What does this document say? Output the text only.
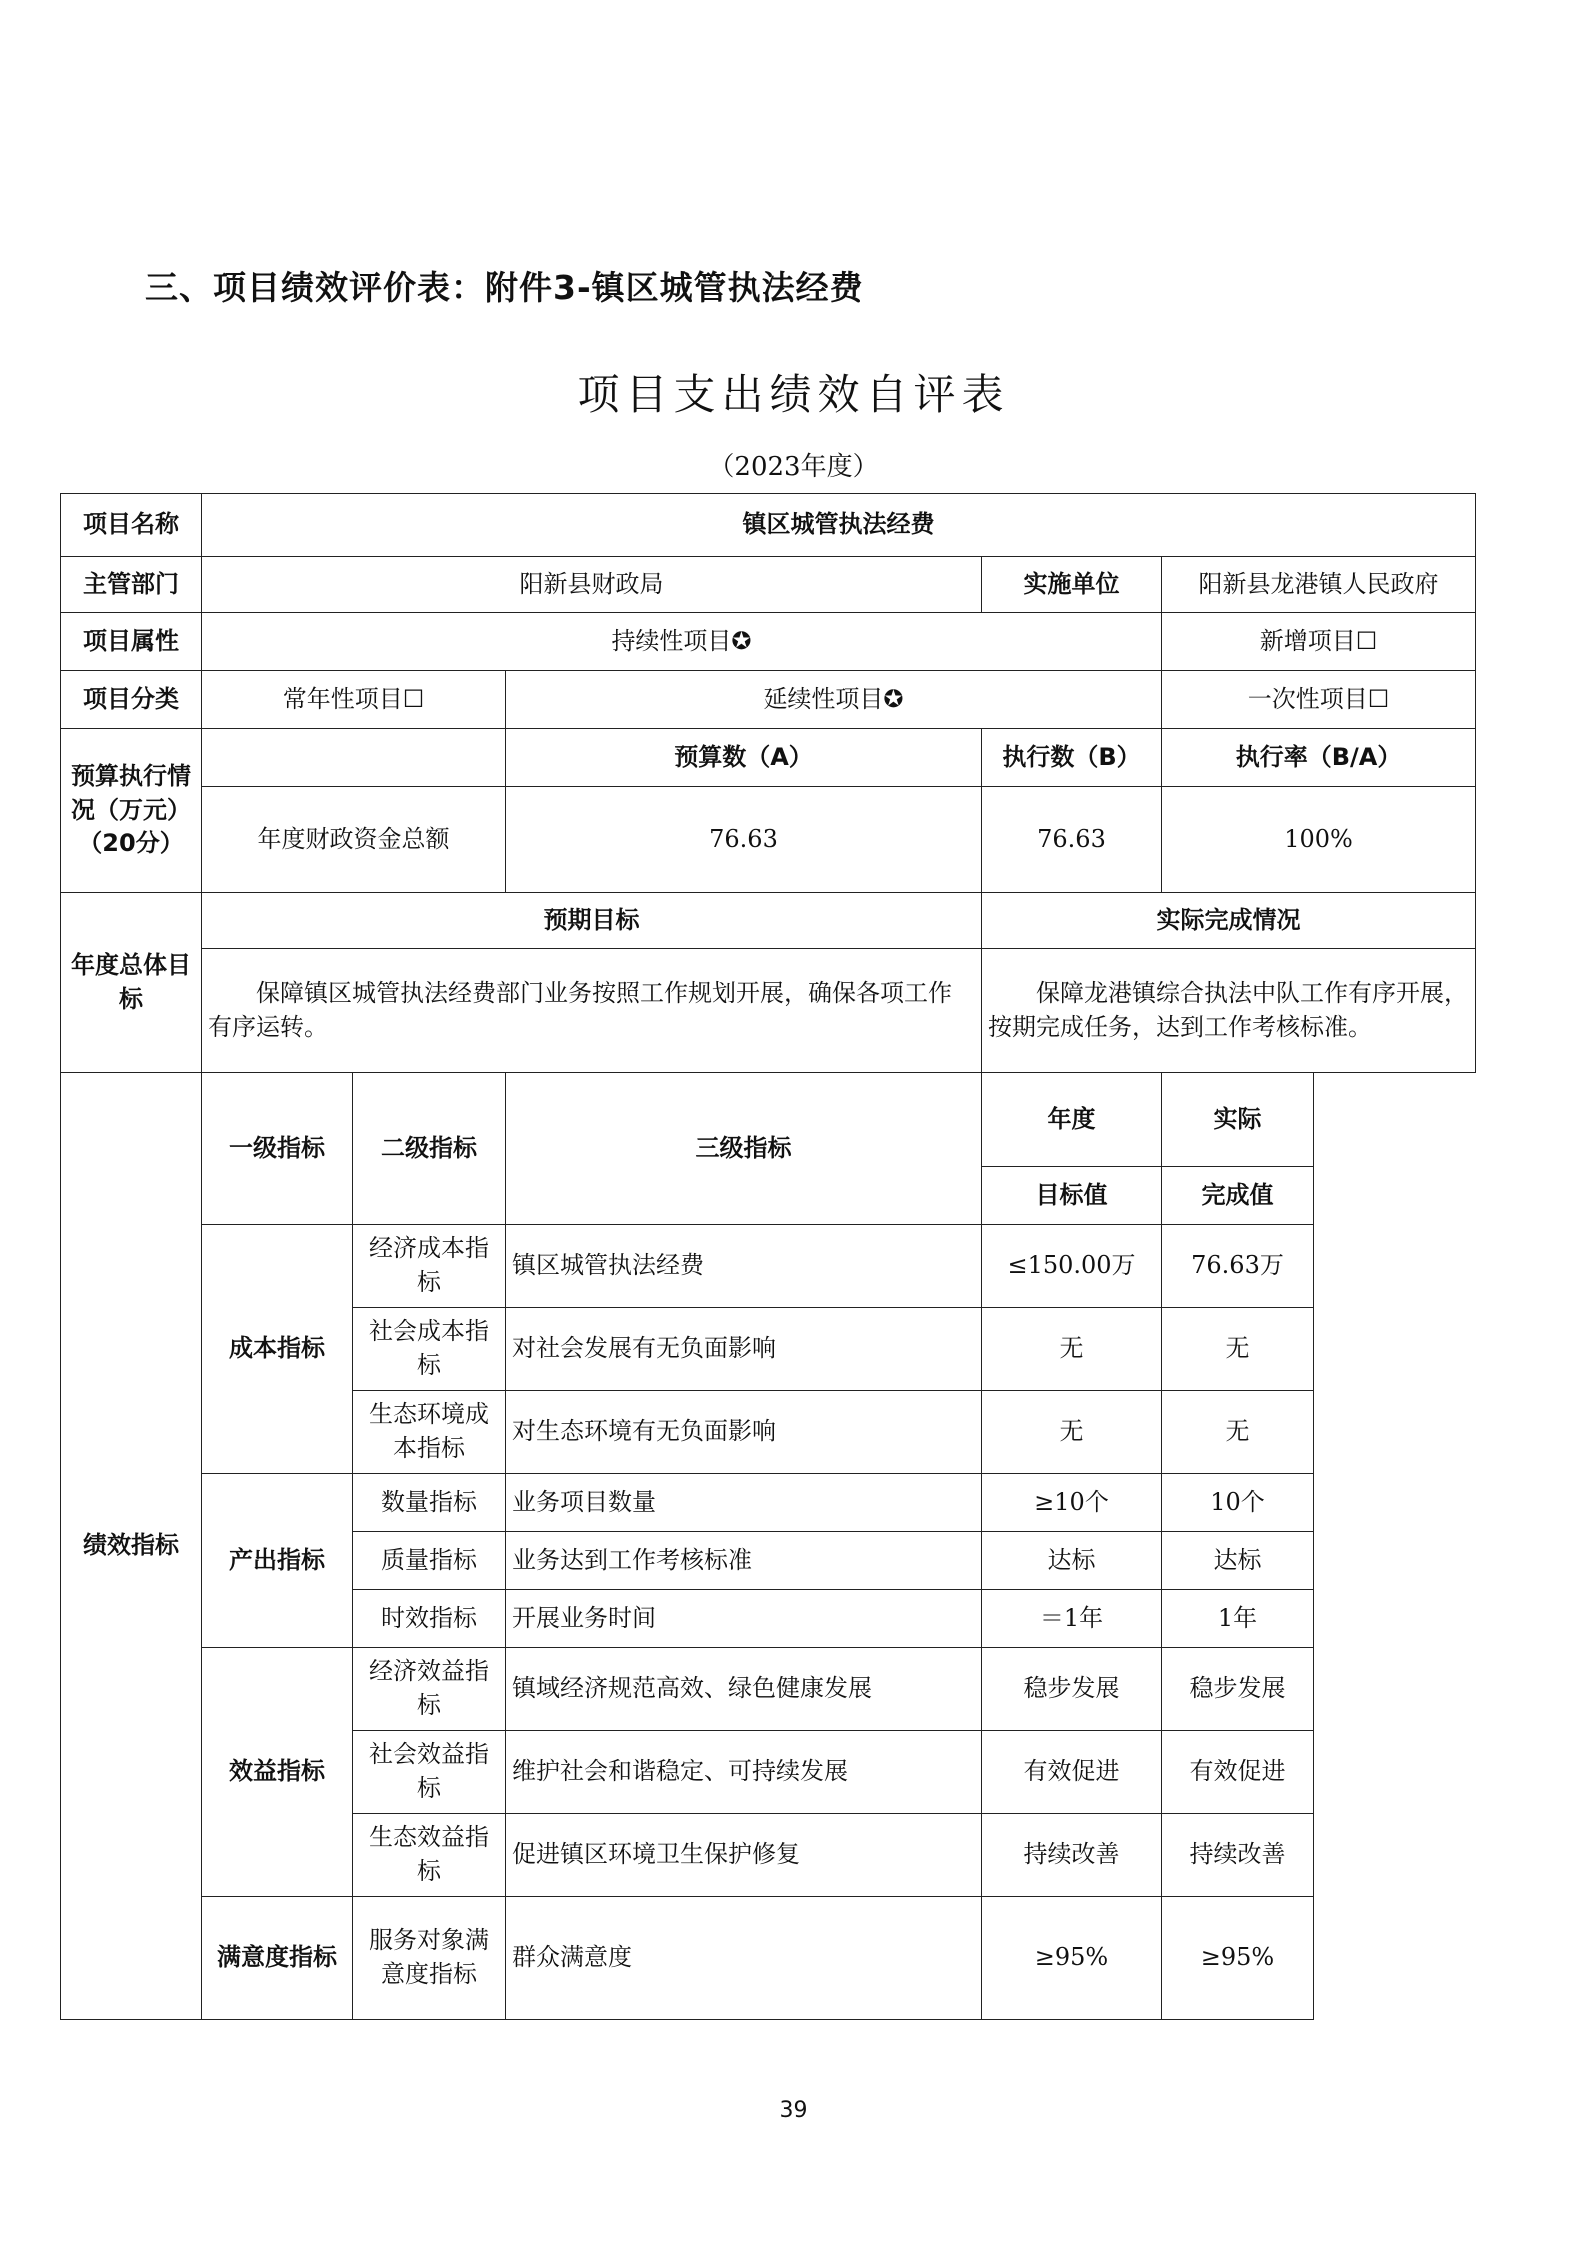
三、项目绩效评价表：附件3-镇区城管执法经费
项目支出绩效自评表
（2023年度）
项目名称	镇区城管执法经费				
主管部门	阳新县财政局			实施单位	阳新县龙港镇人民政府
项目属性	持续性项目✪				新增项目☐
项目分类	常年性项目☐		延续性项目✪		一次性项目☐
预算执行情况（万元）（20分）			预算数（A）	执行数（B）	执行率（B/A）
	年度财政资金总额		76.63	76.63	100%
年度总体目标	预期目标			实际完成情况	
	保障镇区城管执法经费部门业务按照工作规划开展，确保各项工作有序运转。			保障龙港镇综合执法中队工作有序开展，按期完成任务，达到工作考核标准。	
绩效指标	一级指标	二级指标	三级指标	年度	实际
				目标值	完成值
	成本指标	经济成本指标	镇区城管执法经费	≤150.00万	76.63万
		社会成本指标	对社会发展有无负面影响	无	无
		生态环境成本指标	对生态环境有无负面影响	无	无
	产出指标	数量指标	业务项目数量	≥10个	10个
		质量指标	业务达到工作考核标准	达标	达标
		时效指标	开展业务时间	＝1年	1年
	效益指标	经济效益指标	镇域经济规范高效、绿色健康发展	稳步发展	稳步发展
		社会效益指标	维护社会和谐稳定、可持续发展	有效促进	有效促进
		生态效益指标	促进镇区环境卫生保护修复	持续改善	持续改善
	满意度指标	服务对象满意度指标	群众满意度	≥95%	≥95%
39
